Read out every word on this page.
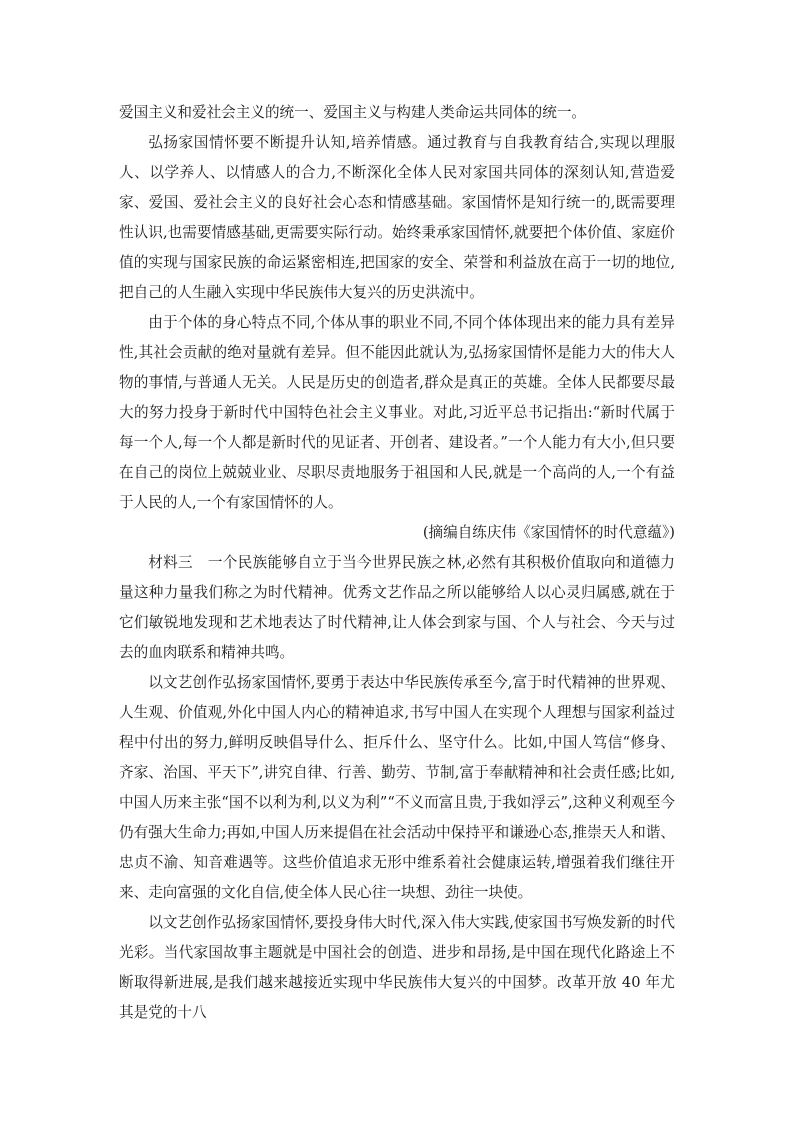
爱国主义和爱社会主义的统一、爱国主义与构建人类命运共同体的统一。

弘扬家国情怀要不断提升认知,培养情感。通过教育与自我教育结合,实现以理服人、以学养人、以情感人的合力,不断深化全体人民对家国共同体的深刻认知,营造爱家、爱国、爱社会主义的良好社会心态和情感基础。家国情怀是知行统一的,既需要理性认识,也需要情感基础,更需要实际行动。始终秉承家国情怀,就要把个体价值、家庭价值的实现与国家民族的命运紧密相连,把国家的安全、荣誉和利益放在高于一切的地位,把自己的人生融入实现中华民族伟大复兴的历史洪流中。

由于个体的身心特点不同,个体从事的职业不同,不同个体体现出来的能力具有差异性,其社会贡献的绝对量就有差异。但不能因此就认为,弘扬家国情怀是能力大的伟大人物的事情,与普通人无关。人民是历史的创造者,群众是真正的英雄。全体人民都要尽最大的努力投身于新时代中国特色社会主义事业。对此,习近平总书记指出:“新时代属于每一个人,每一个人都是新时代的见证者、开创者、建设者。”一个人能力有大小,但只要在自己的岗位上兢兢业业、尽职尽责地服务于祖国和人民,就是一个高尚的人,一个有益于人民的人,一个有家国情怀的人。

(摘编自练庆伟《家国情怀的时代意蕴》)

材料三　一个民族能够自立于当今世界民族之林,必然有其积极价值取向和道德力量这种力量我们称之为时代精神。优秀文艺作品之所以能够给人以心灵归属感,就在于它们敏锐地发现和艺术地表达了时代精神,让人体会到家与国、个人与社会、今天与过去的血肉联系和精神共鸣。

以文艺创作弘扬家国情怀,要勇于表达中华民族传承至今,富于时代精神的世界观、人生观、价值观,外化中国人内心的精神追求,书写中国人在实现个人理想与国家利益过程中付出的努力,鲜明反映倡导什么、拒斥什么、坚守什么。比如,中国人笃信“修身、齐家、治国、平天下”,讲究自律、行善、勤劳、节制,富于奉献精神和社会责任感;比如,中国人历来主张“国不以利为利,以义为利”“不义而富且贵,于我如浮云”,这种义利观至今仍有强大生命力;再如,中国人历来提倡在社会活动中保持平和谦逊心态,推崇天人和谐、忠贞不渝、知音难遇等。这些价值追求无形中维系着社会健康运转,增强着我们继往开来、走向富强的文化自信,使全体人民心往一块想、劲往一块使。

以文艺创作弘扬家国情怀,要投身伟大时代,深入伟大实践,使家国书写焕发新的时代光彩。当代家国故事主题就是中国社会的创造、进步和昂扬,是中国在现代化路途上不断取得新进展,是我们越来越接近实现中华民族伟大复兴的中国梦。改革开放 40 年尤其是党的十八
